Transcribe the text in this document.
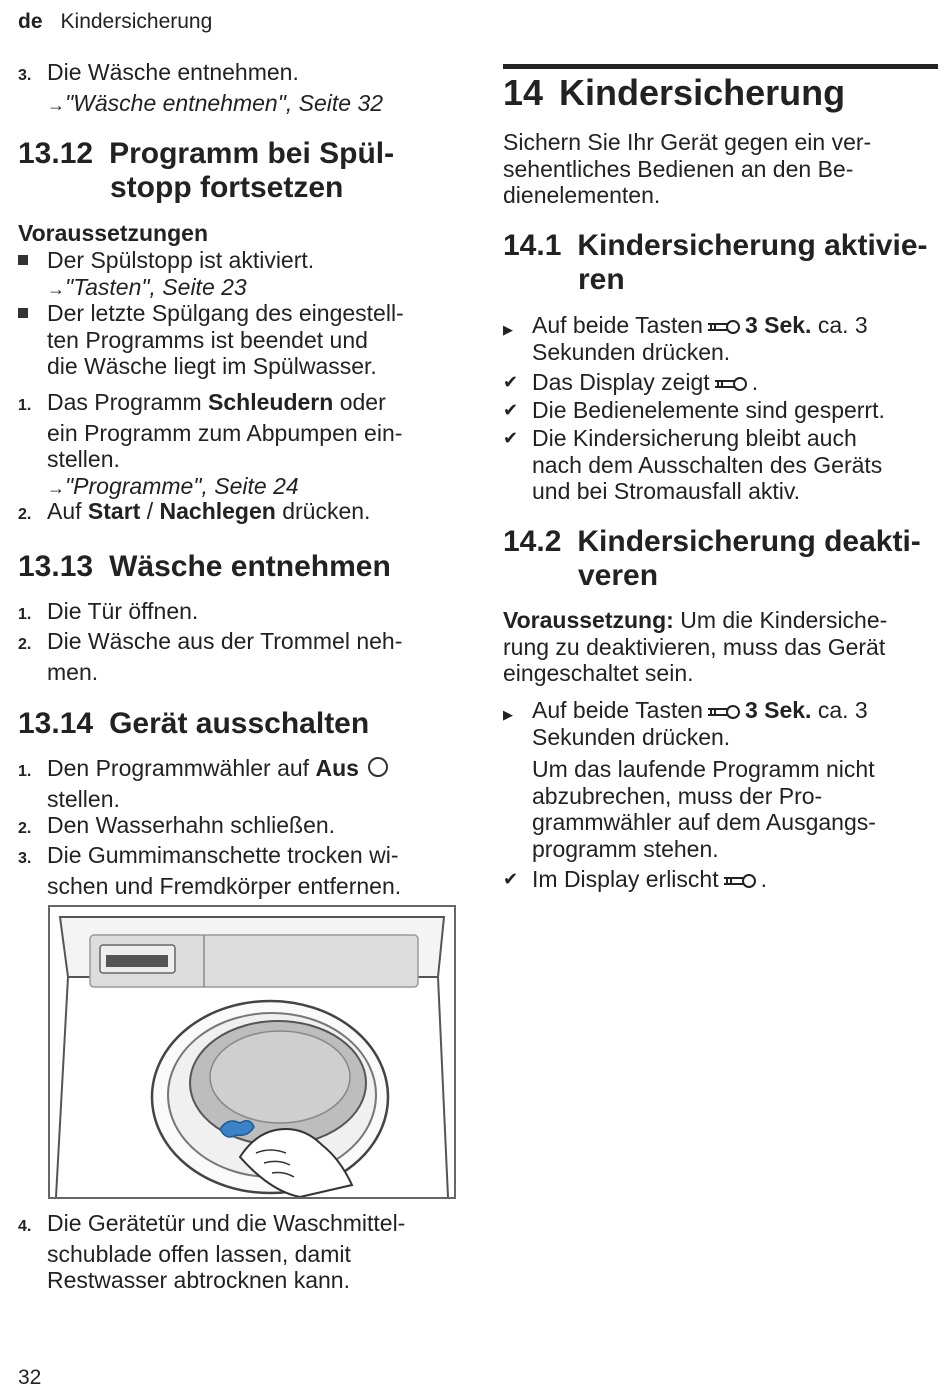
de Kindersicherung
3. Die Wäsche entnehmen.
→ "Wäsche entnehmen", Seite 32
13.12 Programm bei Spül-
stopp fortsetzen
Voraussetzungen
Der Spülstopp ist aktiviert.
→ "Tasten", Seite 23
Der letzte Spülgang des eingestell-
ten Programms ist beendet und
die Wäsche liegt im Spülwasser.
1. Das Programm Schleudern oder
ein Programm zum Abpumpen ein-
stellen.
→ "Programme", Seite 24
2. Auf Start / Nachlegen drücken.
13.13 Wäsche entnehmen
1. Die Tür öffnen.
2. Die Wäsche aus der Trommel neh-
men.
13.14 Gerät ausschalten
1. Den Programmwähler auf Aus
stellen.
2. Den Wasserhahn schließen.
3. Die Gummimanschette trocken wi-
schen und Fremdkörper entfernen.
4. Die Gerätetür und die Waschmittel-
schublade offen lassen, damit
Restwasser abtrocknen kann.
14 Kindersicherung
Sichern Sie Ihr Gerät gegen ein ver-
sehentliches Bedienen an den Be-
dienelementen.
14.1 Kindersicherung aktivie-
ren
▶ Auf beide Tasten 3 Sek. ca. 3
Sekunden drücken.
✔ Das Display zeigt .
✔ Die Bedienelemente sind gesperrt.
✔ Die Kindersicherung bleibt auch
nach dem Ausschalten des Geräts
und bei Stromausfall aktiv.
14.2 Kindersicherung deakti-
veren
Voraussetzung: Um die Kindersiche-
rung zu deaktivieren, muss das Gerät
eingeschaltet sein.
▶ Auf beide Tasten 3 Sek. ca. 3
Sekunden drücken.
Um das laufende Programm nicht
abzubrechen, muss der Pro-
grammwähler auf dem Ausgangs-
programm stehen.
✔ Im Display erlischt .
32
